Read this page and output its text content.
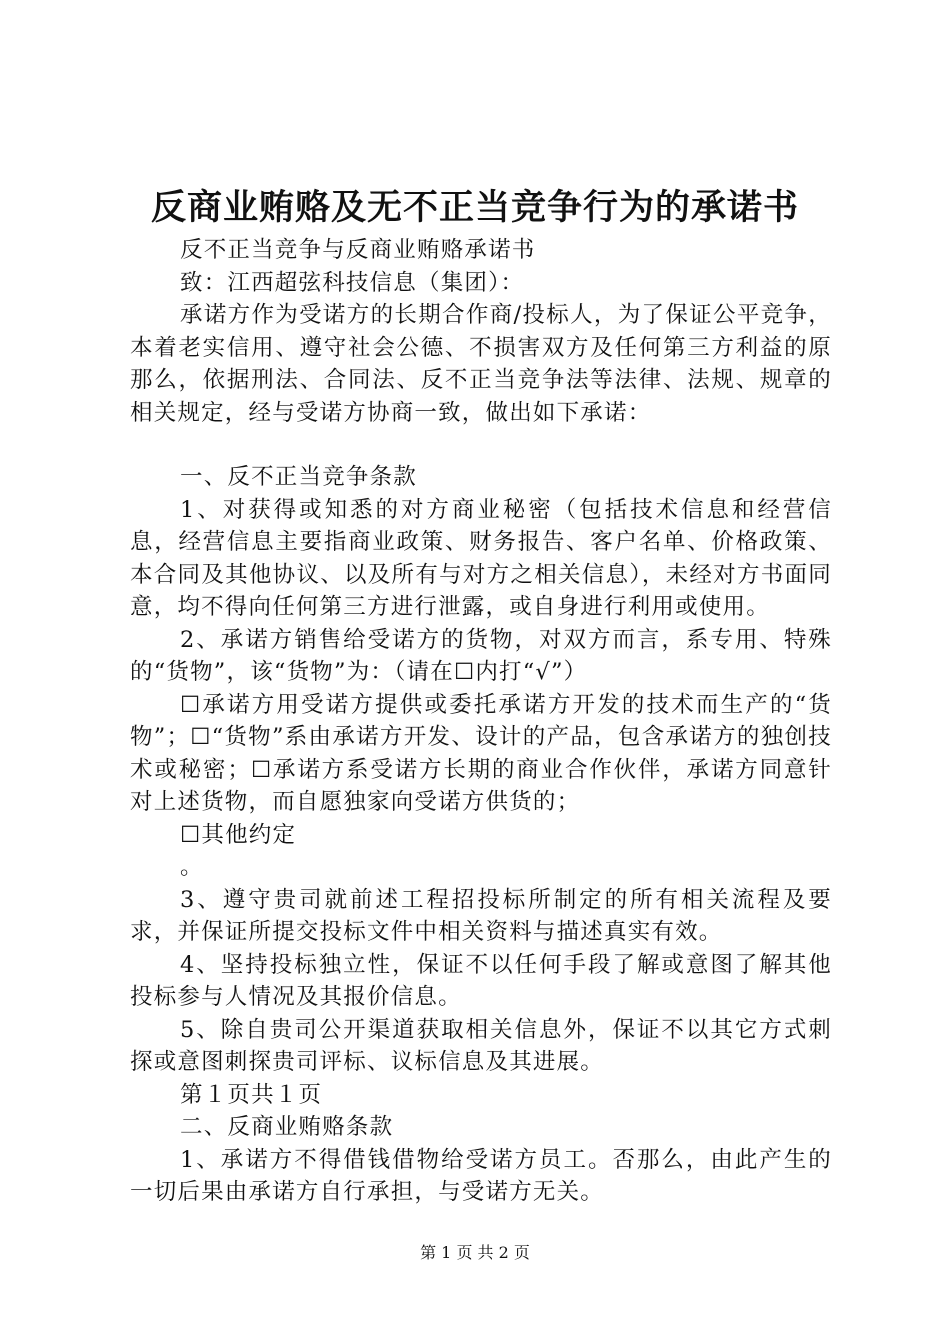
反商业贿赂及无不正当竞争行为的承诺书

反不正当竞争与反商业贿赂承诺书

致：江西超弦科技信息（集团）：

承诺方作为受诺方的长期合作商/投标人，为了保证公平竞争，本着老实信用、遵守社会公德、不损害双方及任何第三方利益的原那么，依据刑法、合同法、反不正当竞争法等法律、法规、规章的相关规定，经与受诺方协商一致，做出如下承诺：

一、反不正当竞争条款

1、对获得或知悉的对方商业秘密（包括技术信息和经营信息，经营信息主要指商业政策、财务报告、客户名单、价格政策、本合同及其他协议、以及所有与对方之相关信息），未经对方书面同意，均不得向任何第三方进行泄露，或自身进行利用或使用。

2、承诺方销售给受诺方的货物，对双方而言，系专用、特殊的“货物”，该“货物”为：（请在☐内打“√”）

☐承诺方用受诺方提供或委托承诺方开发的技术而生产的“货物”；☐“货物”系由承诺方开发、设计的产品，包含承诺方的独创技术或秘密；☐承诺方系受诺方长期的商业合作伙伴，承诺方同意针对上述货物，而自愿独家向受诺方供货的；

☐其他约定

。

3、遵守贵司就前述工程招投标所制定的所有相关流程及要求，并保证所提交投标文件中相关资料与描述真实有效。

4、坚持投标独立性，保证不以任何手段了解或意图了解其他投标参与人情况及其报价信息。

5、除自贵司公开渠道获取相关信息外，保证不以其它方式刺探或意图刺探贵司评标、议标信息及其进展。

第１页共１页

二、反商业贿赂条款

1、承诺方不得借钱借物给受诺方员工。否那么，由此产生的一切后果由承诺方自行承担，与受诺方无关。

第 1 页 共 2 页
